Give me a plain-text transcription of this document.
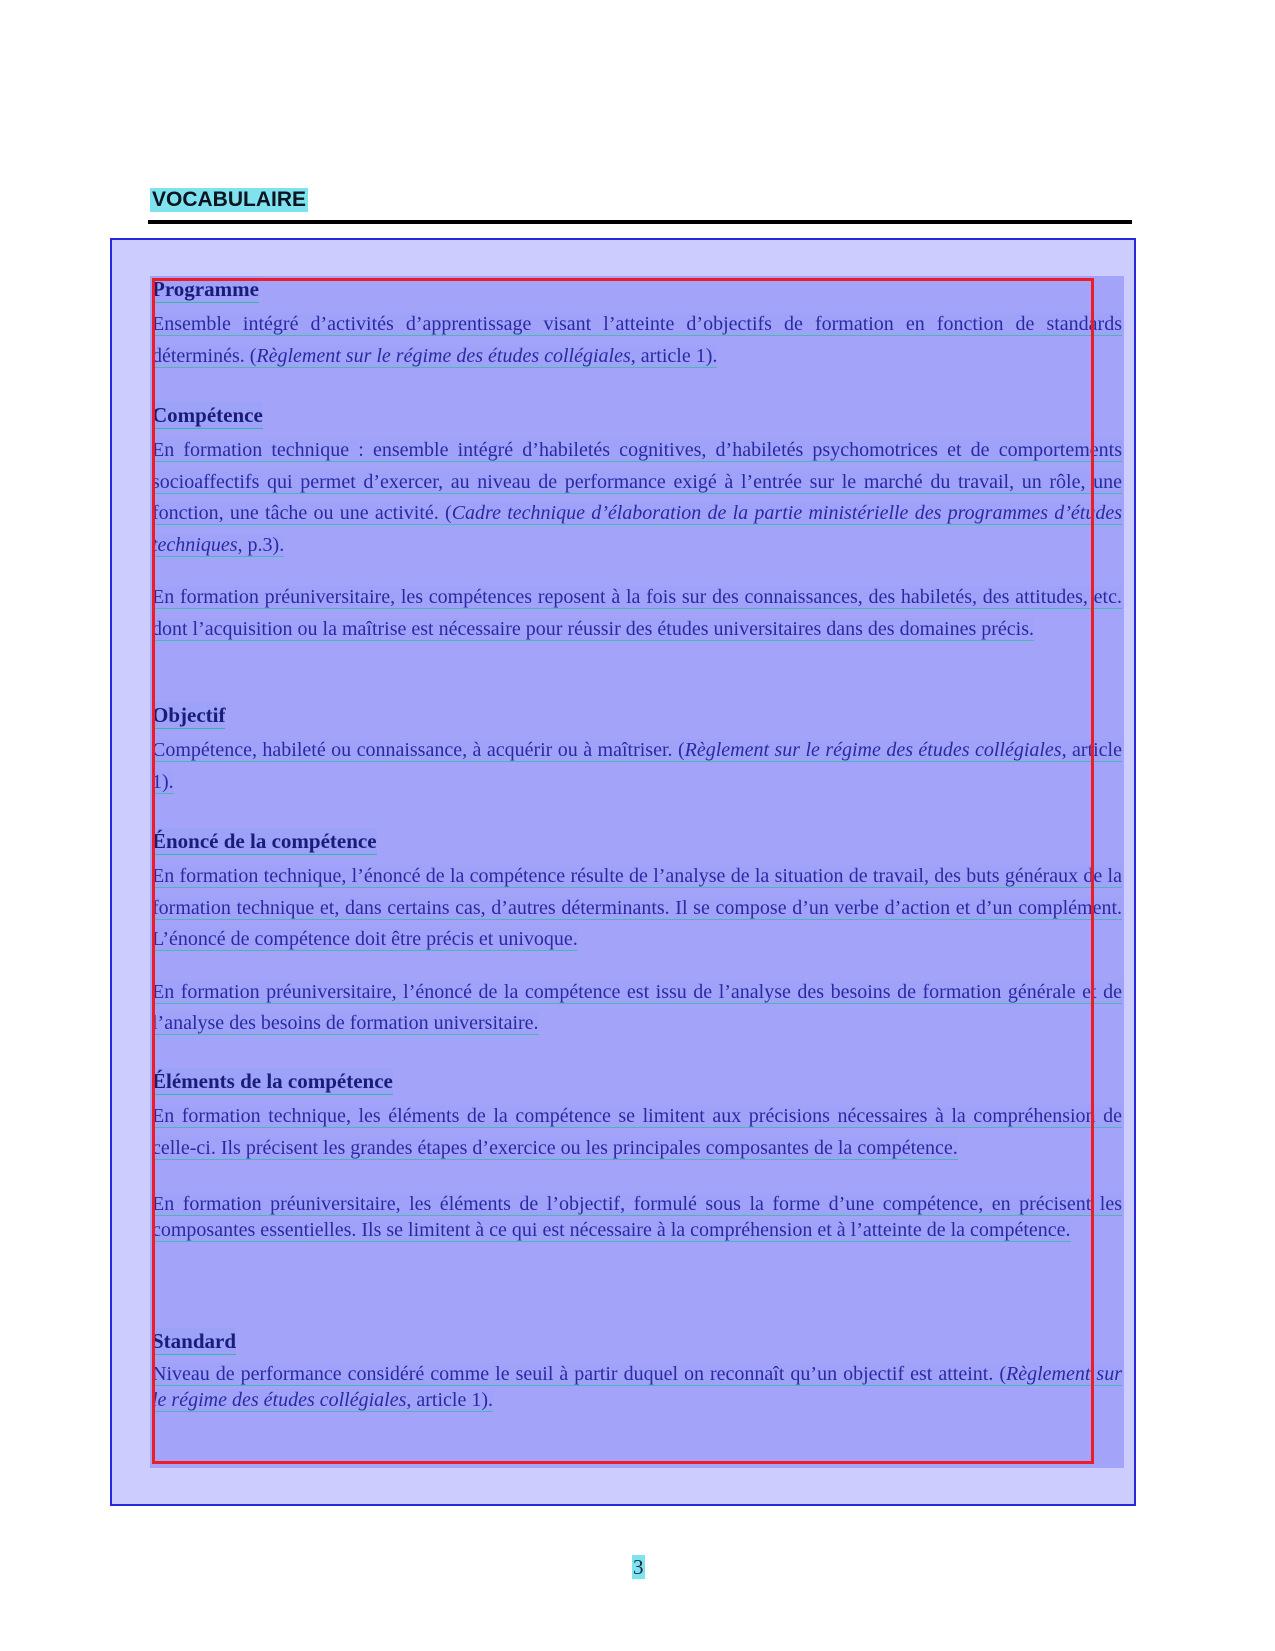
VOCABULAIRE
Programme

Ensemble intégré d’activités d’apprentissage visant l’atteinte d’objectifs de formation en fonction de standards déterminés. (Règlement sur le régime des études collégiales, article 1).

Compétence

En formation technique : ensemble intégré d’habiletés cognitives, d’habiletés psychomotrices et de comportements socioaffectifs qui permet d’exercer, au niveau de performance exigé à l’entrée sur le marché du travail, un rôle, une fonction, une tâche ou une activité. (Cadre technique d’élaboration de la partie ministérielle des programmes d’études techniques, p.3).

En formation préuniversitaire, les compétences reposent à la fois sur des connaissances, des habiletés, des attitudes, etc. dont l’acquisition ou la maîtrise est nécessaire pour réussir des études universitaires dans des domaines précis.

Objectif

Compétence, habileté ou connaissance, à acquérir ou à maîtriser. (Règlement sur le régime des études collégiales, article 1).

Énoncé de la compétence

En formation technique, l’énoncé de la compétence résulte de l’analyse de la situation de travail, des buts généraux de la formation technique et, dans certains cas, d’autres déterminants. Il se compose d’un verbe d’action et d’un complément. L’énoncé de compétence doit être précis et univoque.

En formation préuniversitaire, l’énoncé de la compétence est issu de l’analyse des besoins de formation générale et de l’analyse des besoins de formation universitaire.

Éléments de la compétence

En formation technique, les éléments de la compétence se limitent aux précisions nécessaires à la compréhension de celle-ci. Ils précisent les grandes étapes d’exercice ou les principales composantes de la compétence.

En formation préuniversitaire, les éléments de l’objectif, formulé sous la forme d’une compétence, en précisent les composantes essentielles. Ils se limitent à ce qui est nécessaire à la compréhension et à l’atteinte de la compétence.

Standard

Niveau de performance considéré comme le seuil à partir duquel on reconnaît qu’un objectif est atteint. (Règlement sur le régime des études collégiales, article 1).

3
